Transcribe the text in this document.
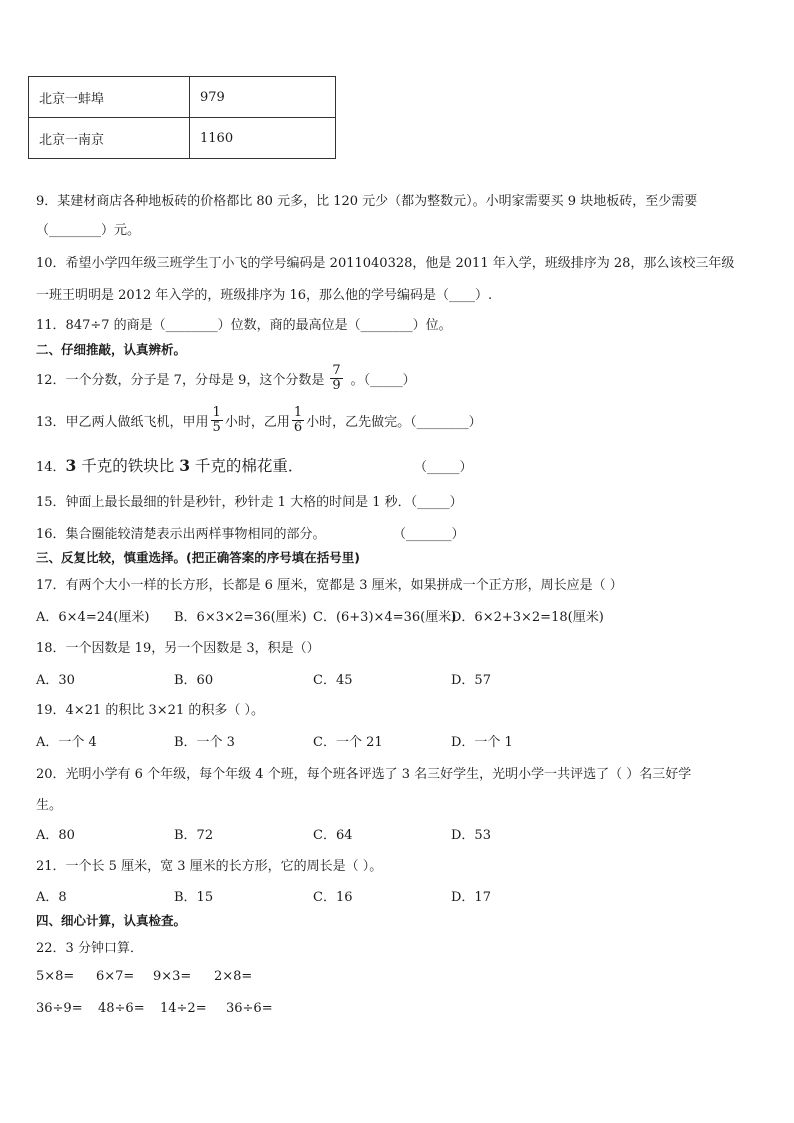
北京一蚌埠	979
北京一南京	1160
9．某建材商店各种地板砖的价格都比 80 元多，比 120 元少（都为整数元）。小明家需要买 9 块地板砖，至少需要
（________）元。
10．希望小学四年级三班学生丁小飞的学号编码是 2011040328，他是 2011 年入学，班级排序为 28，那么该校三年级
一班王明明是 2012 年入学的，班级排序为 16，那么他的学号编码是（____）.
11．847÷7 的商是（________）位数，商的最高位是（________）位。
二、仔细推敲，认真辨析。
12．一个分数，分子是 7，分母是 9，这个分数是 $\frac{7}{9}$ 。（_____）
13．甲乙两人做纸飞机，甲用 $\frac{1}{5}$ 小时，乙用 $\frac{1}{6}$ 小时，乙先做完。（________）
14．3 千克的铁块比 3 千克的棉花重．	（_____）
15．钟面上最长最细的针是秒针，秒针走 1 大格的时间是 1 秒．（_____）
16．集合圈能较清楚表示出两样事物相同的部分。	（_______）
三、反复比较，慎重选择。(把正确答案的序号填在括号里)
17．有两个大小一样的长方形，长都是 6 厘米，宽都是 3 厘米，如果拼成一个正方形，周长应是（ ）
A．6×4=24(厘米) B．6×3×2=36(厘米) C．(6+3)×4=36(厘米)
D．6×2+3×2=18(厘米)
18．一个因数是 19，另一个因数是 3，积是（）
A．30	B．60	C．45	D．57
19．4×21 的积比 3×21 的积多（ ）。
A．一个 4	B．一个 3	C．一个 21	D．一个 1
20．光明小学有 6 个年级，每个年级 4 个班，每个班各评选了 3 名三好学生，光明小学一共评选了（ ）名三好学
生。
A．80	B．72	C．64	D．53
21．一个长 5 厘米，宽 3 厘米的长方形，它的周长是（ ）。
A．8	B．15	C．16	D．17
四、细心计算，认真检查。
22．3 分钟口算．
5×8= 6×7= 9×3= 2×8=
36÷9= 48÷6= 14÷2= 36÷6=
